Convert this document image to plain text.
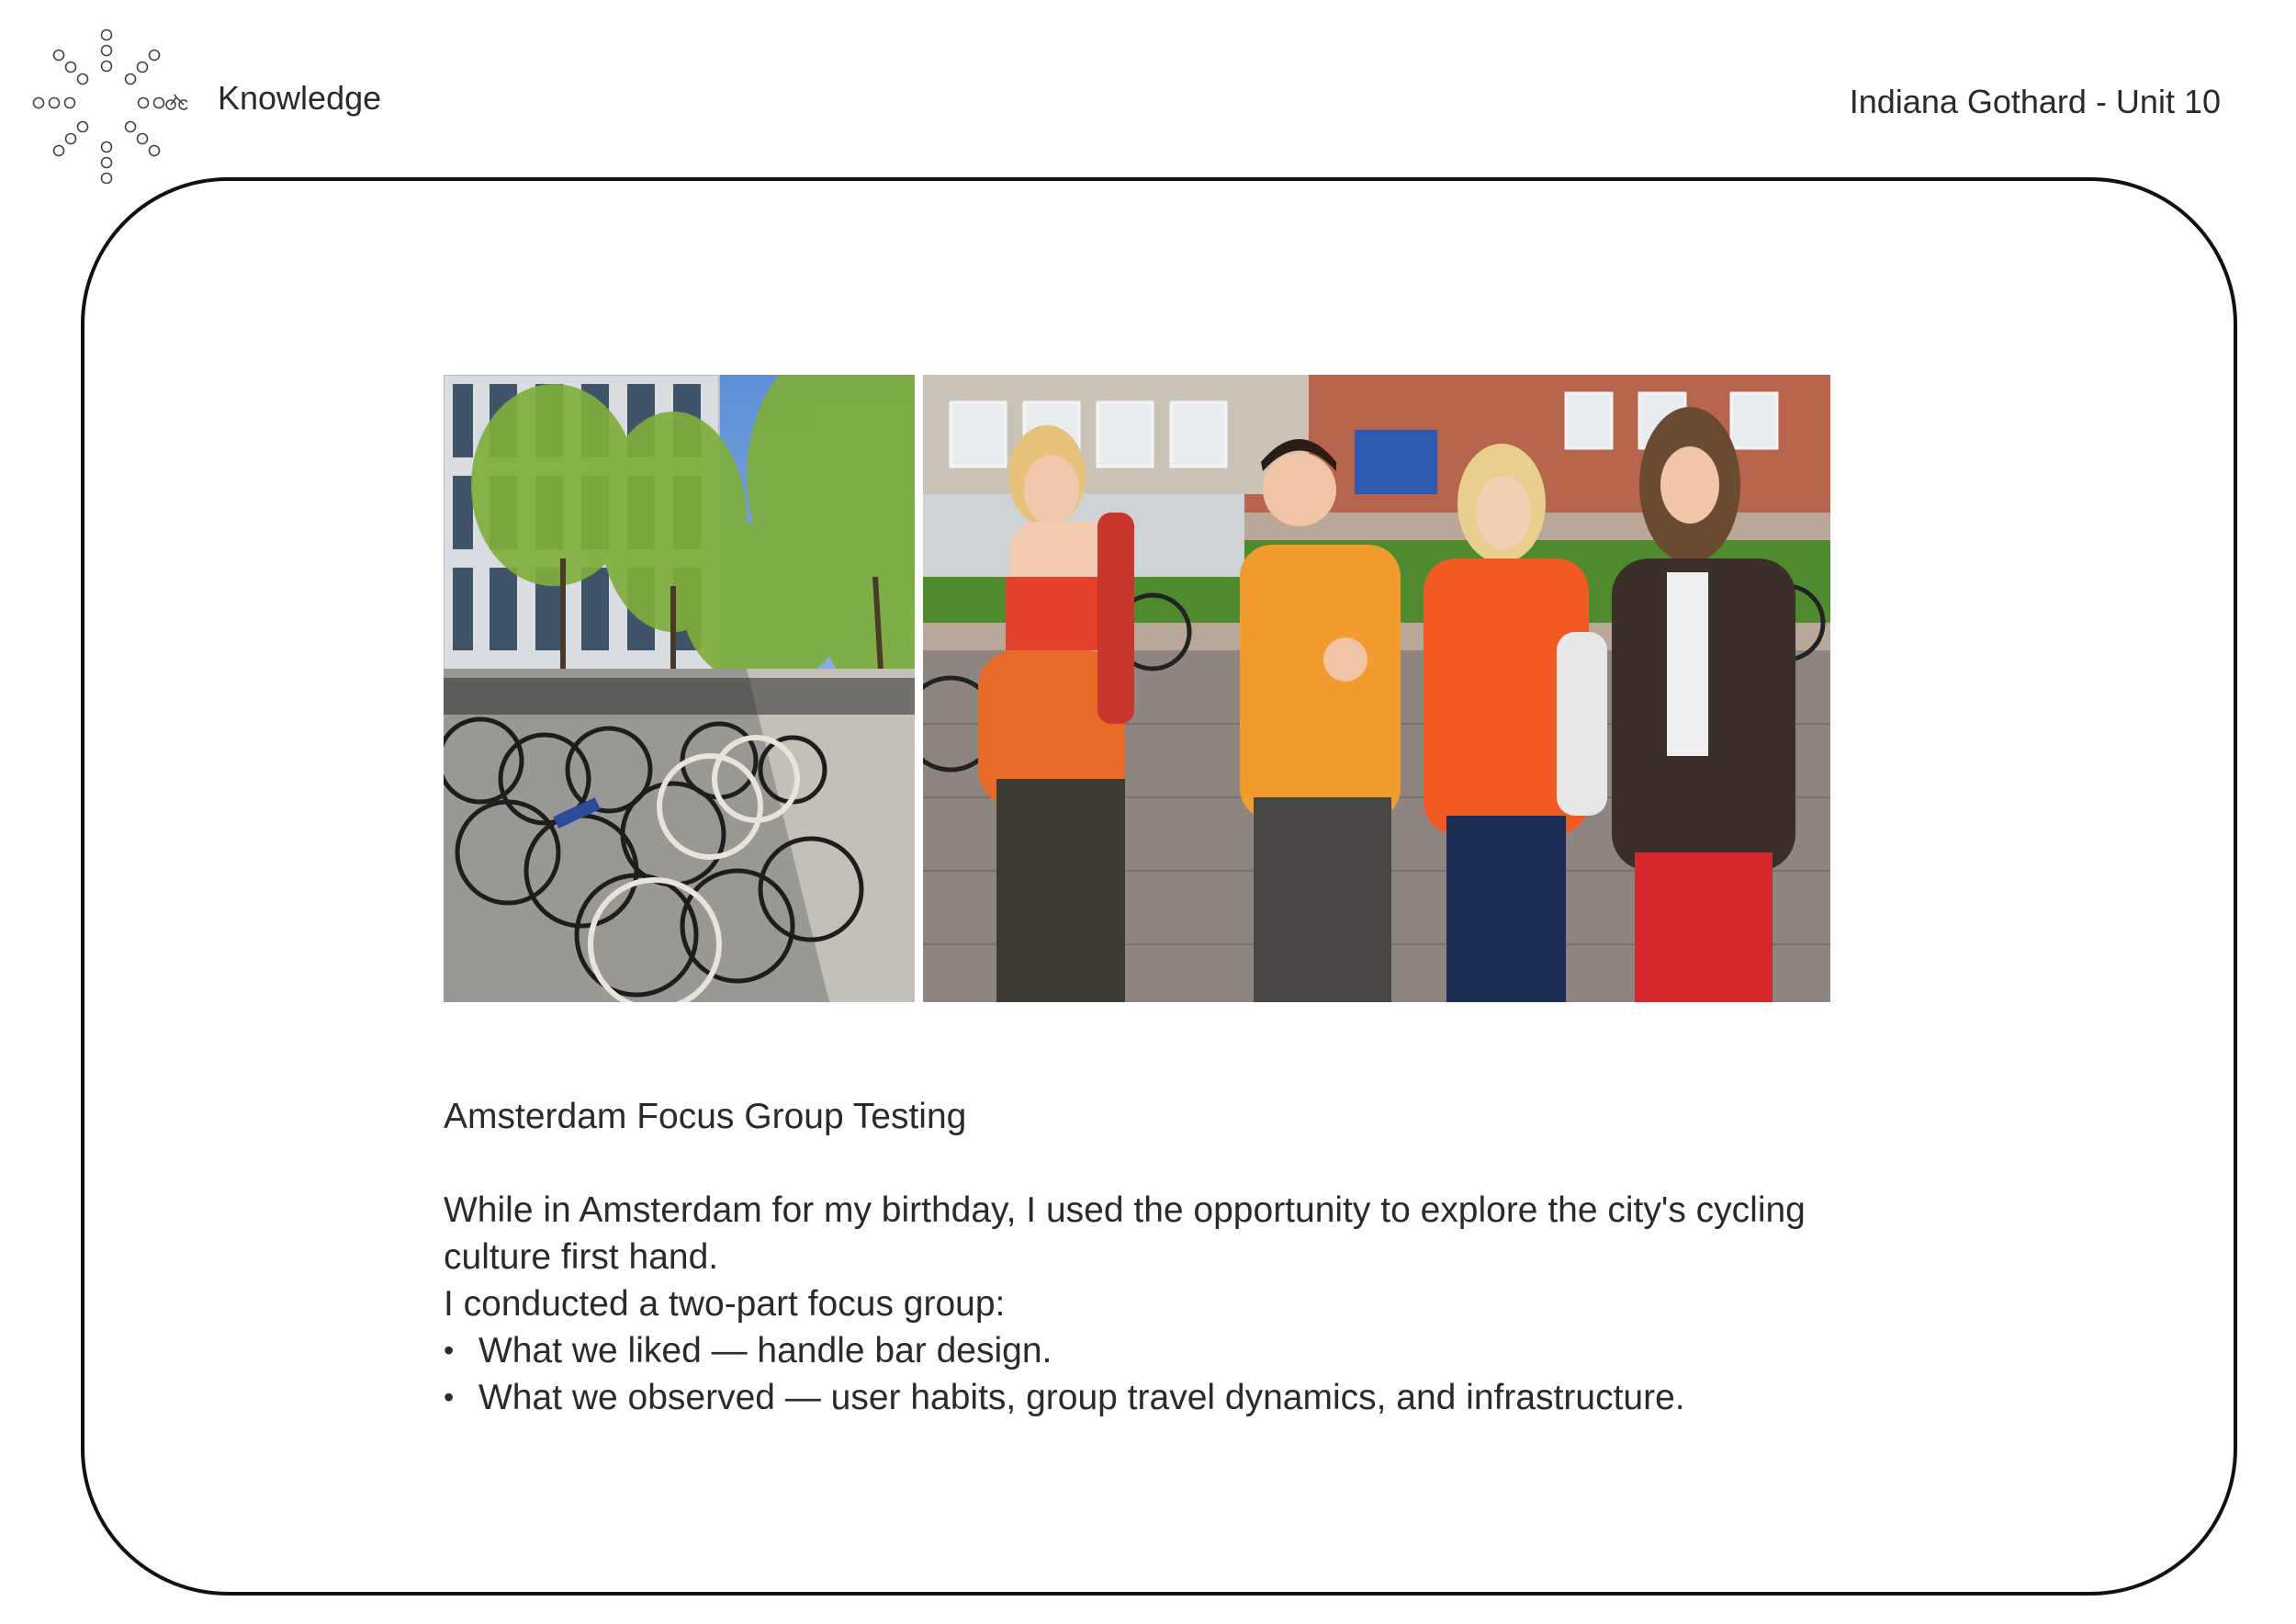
Knowledge	Indiana Gothard - Unit 10

Amsterdam Focus Group Testing

While in Amsterdam for my birthday, I used the opportunity to explore the city's cycling culture first hand.

I conducted a two-part focus group:

• What we liked — handle bar design.
• What we observed — user habits, group travel dynamics, and infrastructure.
